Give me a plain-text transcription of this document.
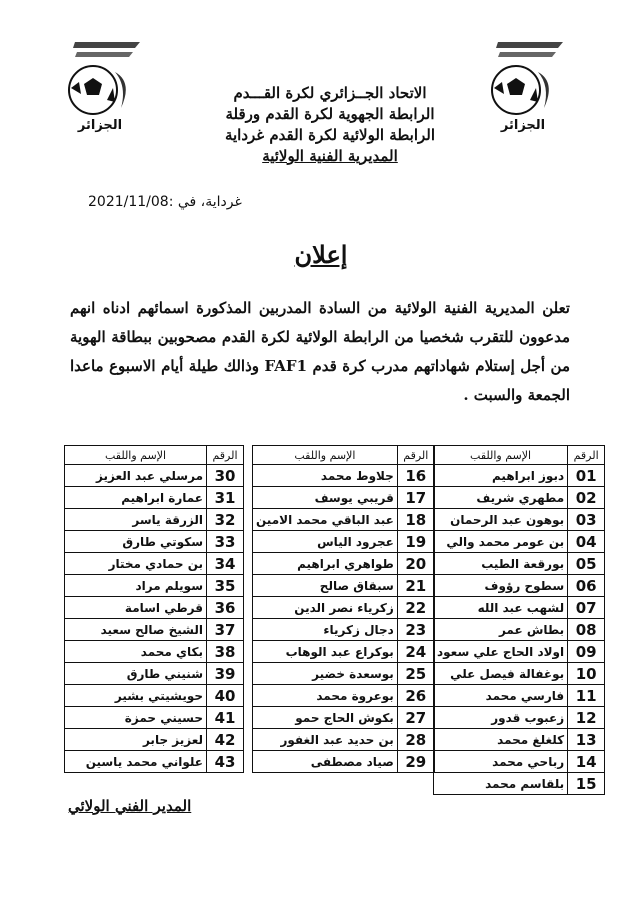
الجزائر	الجزائر
الاتحاد الجــزائري لكرة القـــدم
الرابطة الجهوية لكرة القدم ورقلة
الرابطة الولائية لكرة القدم غرداية
المديرية الفنية الولائية
غرداية، في :2021/11/08
إعلان
تعلن المديرية الفنية الولائية من السادة المدربين المذكورة اسمائهم ادناه انهم مدعوون للتقرب شخصيا من الرابطة الولائية لكرة القدم مصحوبين ببطاقة الهوية من أجل إستلام شهاداتهم مدرب كرة قدم FAF1 وذالك طيلة أيام الاسبوع ماعدا الجمعة والسبت .
الرقم	الإسم واللقب
01	دبوز ابراهيم
02	مطهري شريف
03	بوهون عبد الرحمان
04	بن عومر محمد والي
05	بورقعة الطيب
06	سطوح رؤوف
07	لشهب عبد الله
08	بطاش عمر
09	اولاد الحاج علي سعود
10	بوغفالة فيصل علي
11	فارسي محمد
12	زعبوب قدور
13	كلغلغ محمد
14	رباحي محمد
15	بلقاسم محمد
الرقم	الإسم واللقب
16	جلاوط محمد
17	قريبي يوسف
18	عبد الباقي محمد الامين
19	عجرود الياس
20	طواهري ابراهيم
21	سبقاق صالح
22	زكرياء نصر الدين
23	دجال زكرياء
24	بوكراع عبد الوهاب
25	بوسعدة خضير
26	بوعروة محمد
27	بكوش الحاج حمو
28	بن حديد عبد الغفور
29	صياد مصطفى
الرقم	الإسم واللقب
30	مرسلي عبد العزيز
31	عمارة ابراهيم
32	الزرقة ياسر
33	سكوتي طارق
34	بن حمادي مختار
35	سويلم مراد
36	قرطي اسامة
37	الشيخ صالح سعيد
38	بكاي محمد
39	شنيني طارق
40	حويشيتي بشير
41	حسيني حمزة
42	لعزيز جابر
43	علواني محمد ياسين
المدير الفني الولائي
